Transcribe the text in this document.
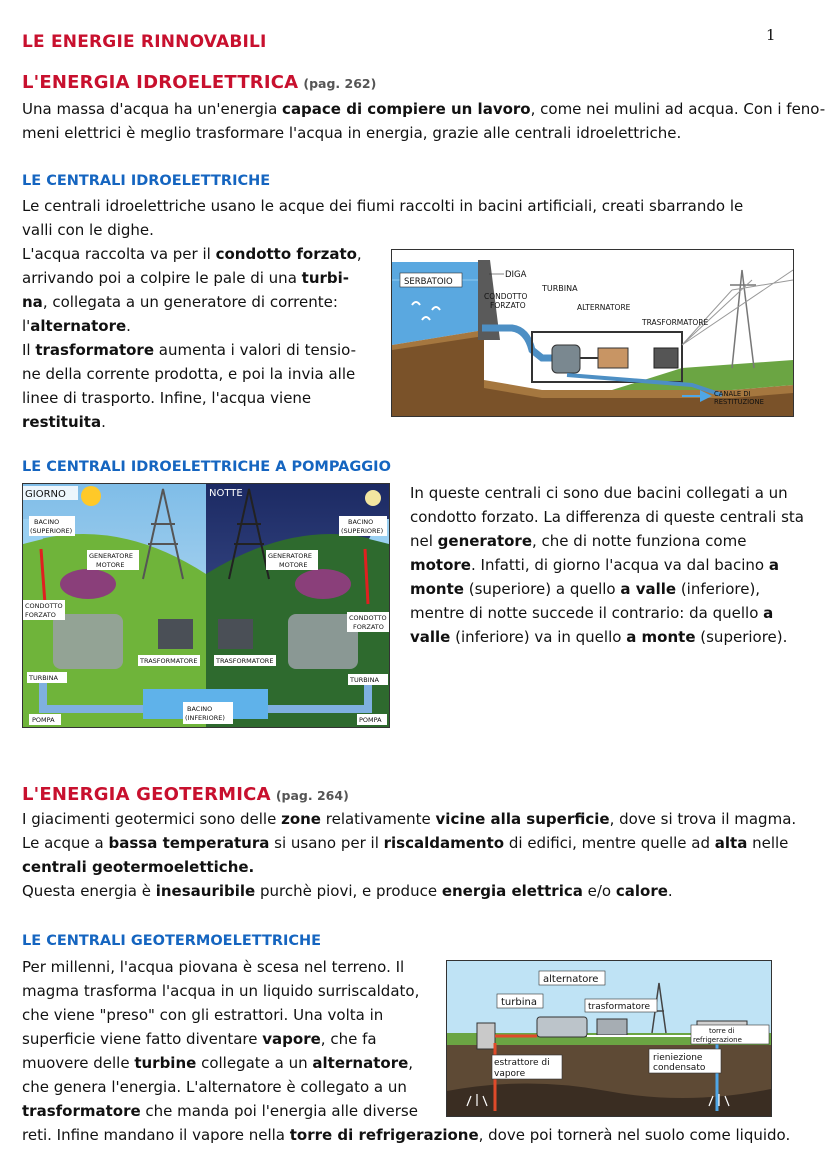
1
LE ENERGIE RINNOVABILI
L'ENERGIA IDROELETTRICA (pag. 262)
Una massa d'acqua ha un'energia capace di compiere un lavoro, come nei mulini ad acqua. Con i feno-
meni elettrici è meglio trasformare l'acqua in energia, grazie alle centrali idroelettriche.
LE CENTRALI IDROELETTRICHE
Le centrali idroelettriche usano le acque dei fiumi raccolti in bacini artificiali, creati sbarrando le
valli con le dighe.
L'acqua raccolta va per il condotto forzato, arrivando poi a colpire le pale di una turbi-na, collegata a un generatore di corrente: l'alternatore.
Il trasformatore aumenta i valori di tensio-ne della corrente prodotta, e poi la invia alle linee di trasporto. Infine, l'acqua viene restituita.
SERBATOIO
DIGA
CONDOTTO
FORZATO
TURBINA
ALTERNATORE
TRASFORMATORE
CANALE DI
RESTITUZIONE
LE CENTRALI IDROELETTRICHE A POMPAGGIO
GIORNO	NOTTE
BACINO
(SUPERIORE)
BACINO
(SUPERIORE)
GENERATORE
MOTORE
GENERATORE
MOTORE
CONDOTTO
FORZATO	CONDOTTO
FORZATO
TRASFORMATORE	TRASFORMATORE
TURBINA	TURBINA
BACINO
(INFERIORE)
POMPA	POMPA
In queste centrali ci sono due bacini collegati a un condotto forzato. La differenza di queste centrali sta nel generatore, che di notte funziona come motore. Infatti, di giorno l'acqua va dal bacino a monte (superiore) a quello a valle (inferiore), mentre di notte succede il contrario: da quello a valle (inferiore) va in quello a monte (superiore).
L'ENERGIA GEOTERMICA (pag. 264)
I giacimenti geotermici sono delle zone relativamente vicine alla superficie, dove si trova il magma.
Le acque a bassa temperatura si usano per il riscaldamento di edifici, mentre quelle ad alta nelle
centrali geotermoelettiche.
Questa energia è inesauribile purchè piovi, e produce energia elettrica e/o calore.
LE CENTRALI GEOTERMOELETTRICHE
Per millenni, l'acqua piovana è scesa nel terreno. Il magma trasforma l'acqua in un liquido surriscaldato, che viene "preso" con gli estrattori. Una volta in superficie viene fatto diventare vapore, che fa muovere delle turbine collegate a un alternatore, che genera l'energia. L'alternatore è collegato a un trasformatore che manda poi l'energia alle diverse
reti. Infine mandano il vapore nella torre di refrigerazione, dove poi tornerà nel suolo come liquido.
alternatore
turbina	trasformatore
torre di
refrigerazione
estrattore di
vapore
rieniezione
condensato
